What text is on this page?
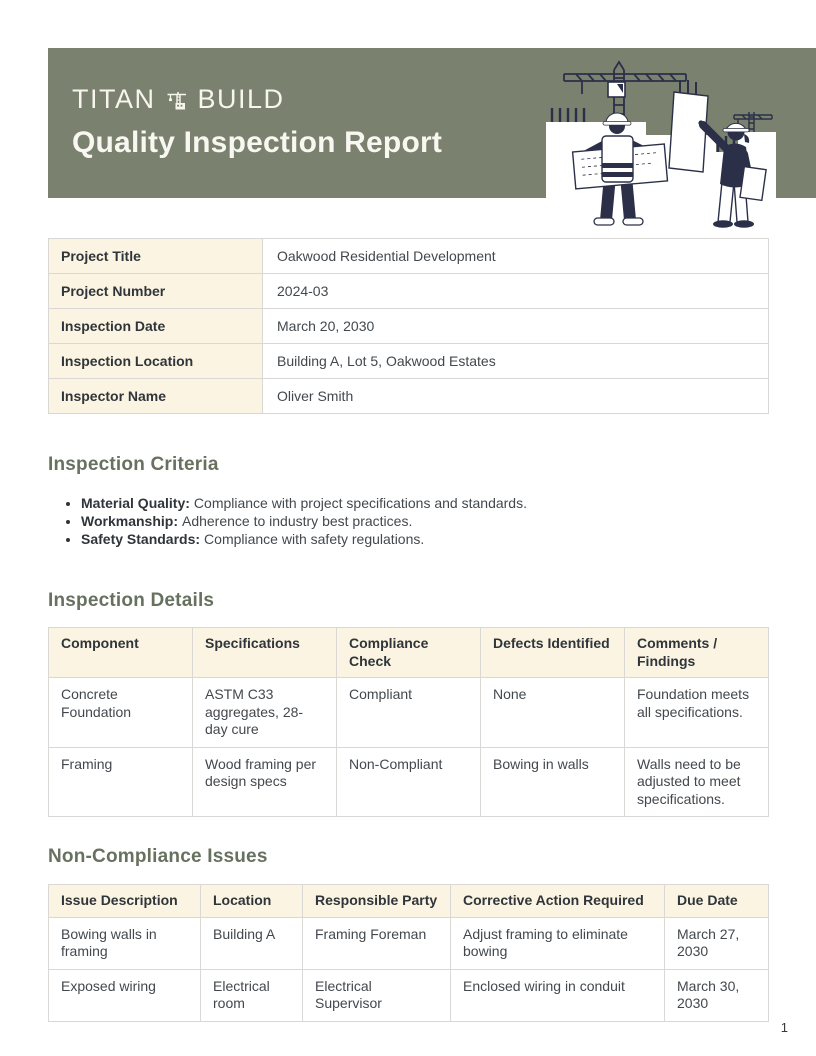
TITAN BUILD
Quality Inspection Report
Project Title	Oakwood Residential Development
Project Number	2024-03
Inspection Date	March 20, 2030
Inspection Location	Building A, Lot 5, Oakwood Estates
Inspector Name	Oliver Smith
Inspection Criteria
• Material Quality: Compliance with project specifications and standards.
• Workmanship: Adherence to industry best practices.
• Safety Standards: Compliance with safety regulations.
Inspection Details
Component	Specifications	Compliance Check	Defects Identified	Comments / Findings
Concrete Foundation	ASTM C33 aggregates, 28-day cure	Compliant	None	Foundation meets all specifications.
Framing	Wood framing per design specs	Non-Compliant	Bowing in walls	Walls need to be adjusted to meet specifications.
Non-Compliance Issues
Issue Description	Location	Responsible Party	Corrective Action Required	Due Date
Bowing walls in framing	Building A	Framing Foreman	Adjust framing to eliminate bowing	March 27, 2030
Exposed wiring	Electrical room	Electrical Supervisor	Enclosed wiring in conduit	March 30, 2030
1
